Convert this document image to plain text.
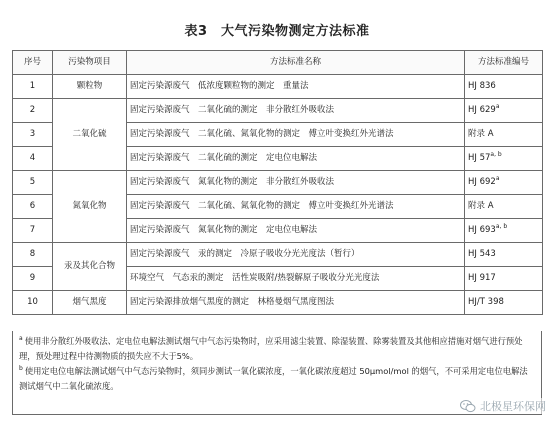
表3　大气污染物测定方法标准
序号	污染物项目	方法标准名称	方法标准编号
1	颗粒物	固定污染源废气　低浓度颗粒物的测定　重量法	HJ 836
2	二氧化硫	固定污染源废气　二氧化硫的测定　非分散红外吸收法	HJ 629$^a$
3		固定污染源废气　二氧化硫、氮氧化物的测定　傅立叶变换红外光谱法	附录 A
4		固定污染源废气　二氧化硫的测定　定电位电解法	HJ 57$^{a, b}$
5	氮氧化物	固定污染源废气　氮氧化物的测定　非分散红外吸收法	HJ 692$^a$
6		固定污染源废气　二氧化硫、氮氧化物的测定　傅立叶变换红外光谱法	附录 A
7		固定污染源废气　氮氧化物的测定　定电位电解法	HJ 693$^{a, b}$
8	汞及其化合物	固定污染源废气　汞的测定　冷原子吸收分光光度法（暂行）	HJ 543
9		环境空气　气态汞的测定　活性炭吸附/热裂解原子吸收分光光度法	HJ 917
10	烟气黑度	固定污染源排放烟气黑度的测定　林格曼烟气黑度图法	HJ/T 398

$^a$ 使用非分散红外吸收法、定电位电解法测试烟气中气态污染物时，应采用滤尘装置、除湿装置、除雾装置及其他相应措施对烟气进行预处理，预处理过程中待测物质的损失应不大于5%。

$^b$ 使用定电位电解法测试烟气中气态污染物时，须同步测试一氧化碳浓度，一氧化碳浓度超过 50μmol/mol 的烟气，不可采用定电位电解法测试烟气中二氧化硫浓度。

北极星环保网
